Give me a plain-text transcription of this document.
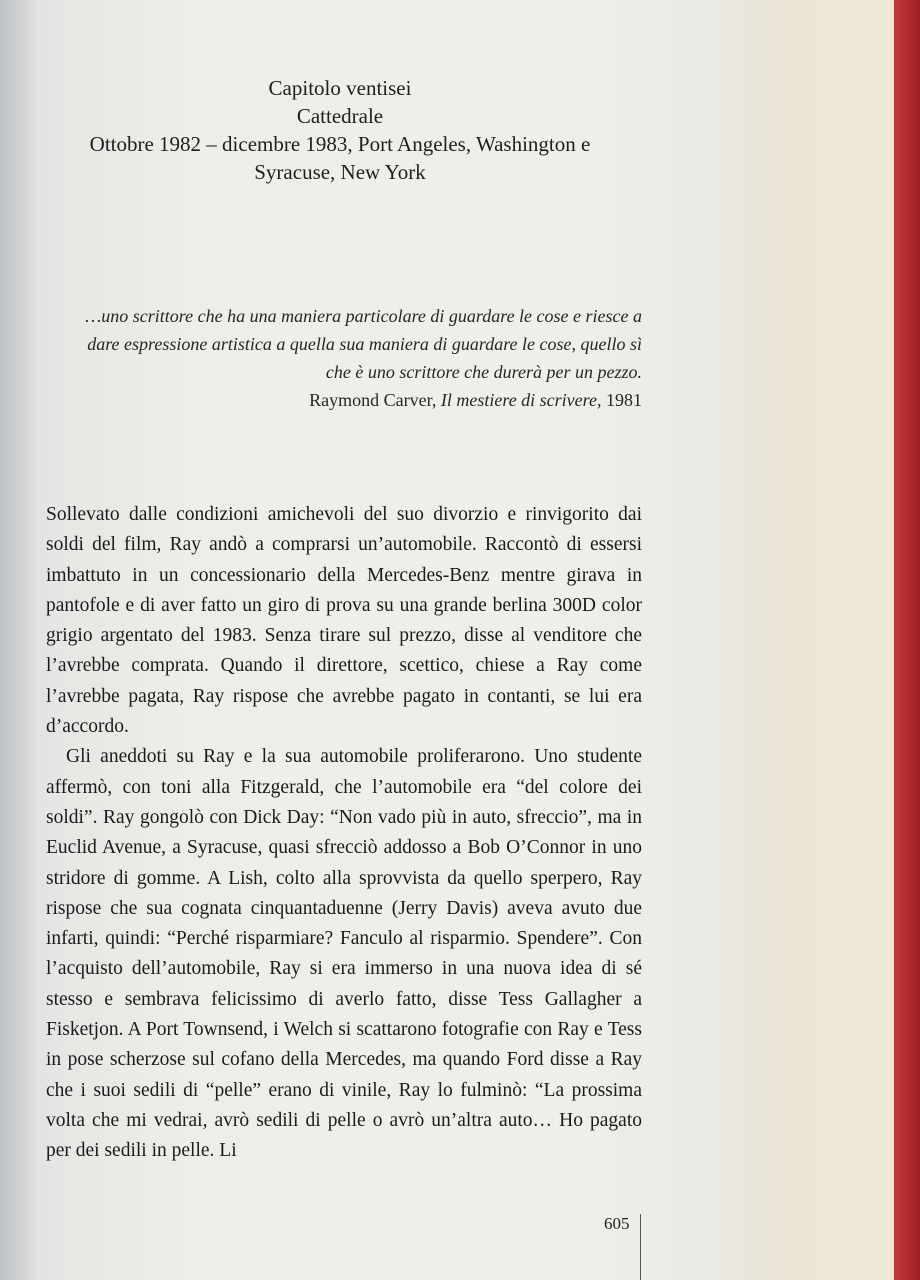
Capitolo ventisei
Cattedrale
Ottobre 1982 – dicembre 1983, Port Angeles, Washington e
Syracuse, New York
…uno scrittore che ha una maniera particolare di guardare le cose e riesce a dare espressione artistica a quella sua maniera di guardare le cose, quello sì che è uno scrittore che durerà per un pezzo.
Raymond Carver, Il mestiere di scrivere, 1981

Sollevato dalle condizioni amichevoli del suo divorzio e rinvigorito dai soldi del film, Ray andò a comprarsi un’automobile. Raccontò di essersi imbattuto in un concessionario della Mercedes-Benz mentre girava in pantofole e di aver fatto un giro di prova su una grande berlina 300D color grigio argentato del 1983. Senza tirare sul prezzo, disse al venditore che l’avrebbe comprata. Quando il direttore, scettico, chiese a Ray come l’avrebbe pagata, Ray rispose che avrebbe pagato in contanti, se lui era d’accordo.

Gli aneddoti su Ray e la sua automobile proliferarono. Uno studente affermò, con toni alla Fitzgerald, che l’automobile era “del colore dei soldi”. Ray gongolò con Dick Day: “Non vado più in auto, sfreccio”, ma in Euclid Avenue, a Syracuse, quasi sfrecciò addosso a Bob O’Connor in uno stridore di gomme. A Lish, colto alla sprovvista da quello sperpero, Ray rispose che sua cognata cinquantaduenne (Jerry Davis) aveva avuto due infarti, quindi: “Perché risparmiare? Fanculo al risparmio. Spendere”. Con l’acquisto dell’automobile, Ray si era immerso in una nuova idea di sé stesso e sembrava felicissimo di averlo fatto, disse Tess Gallagher a Fisketjon. A Port Townsend, i Welch si scattarono fotografie con Ray e Tess in pose scherzose sul cofano della Mercedes, ma quando Ford disse a Ray che i suoi sedili di “pelle” erano di vinile, Ray lo fulminò: “La prossima volta che mi vedrai, avrò sedili di pelle o avrò un’altra auto… Ho pagato per dei sedili in pelle. Li

605
